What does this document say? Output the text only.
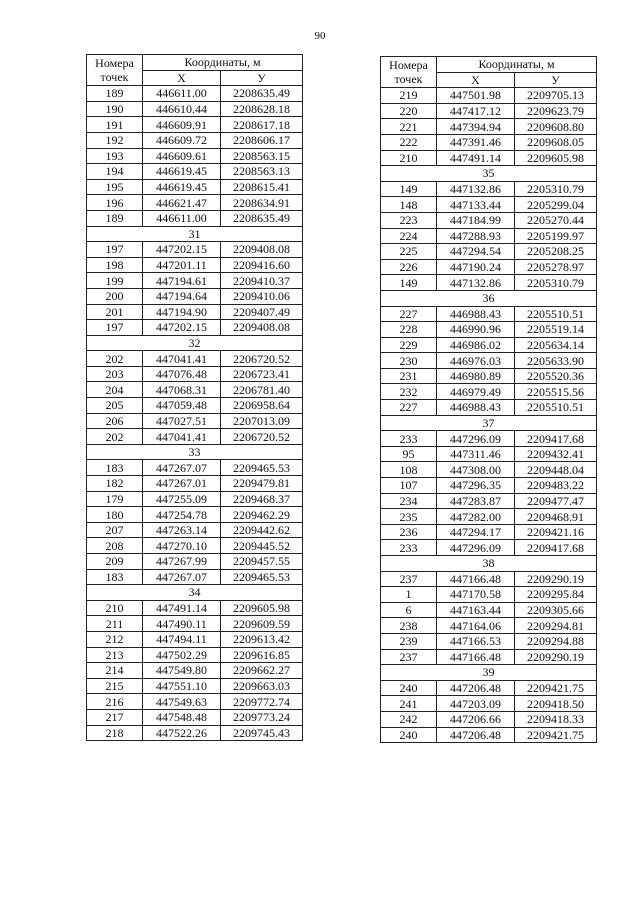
90
Номера
точек	Координаты, м	
	X	У
189	446611.00	2208635.49
190	446610.44	2208628.18
191	446609.91	2208617.18
192	446609.72	2208606.17
193	446609.61	2208563.15
194	446619.45	2208563.13
195	446619.45	2208615.41
196	446621.47	2208634.91
189	446611.00	2208635.49
31		
197	447202.15	2209408.08
198	447201.11	2209416.60
199	447194.61	2209410.37
200	447194.64	2209410.06
201	447194.90	2209407.49
197	447202.15	2209408.08
32		
202	447041.41	2206720.52
203	447076.48	2206723.41
204	447068.31	2206781.40
205	447059.48	2206958.64
206	447027.51	2207013.09
202	447041.41	2206720.52
33		
183	447267.07	2209465.53
182	447267.01	2209479.81
179	447255.09	2209468.37
180	447254.78	2209462.29
207	447263.14	2209442.62
208	447270.10	2209445.52
209	447267.99	2209457.55
183	447267.07	2209465.53
34		
210	447491.14	2209605.98
211	447490.11	2209609.59
212	447494.11	2209613.42
213	447502.29	2209616.85
214	447549.80	2209662.27
215	447551.10	2209663.03
216	447549.63	2209772.74
217	447548.48	2209773.24
218	447522.26	2209745.43
Номера
точек	Координаты, м	
	X	У
219	447501.98	2209705.13
220	447417.12	2209623.79
221	447394.94	2209608.80
222	447391.46	2209608.05
210	447491.14	2209605.98
35		
149	447132.86	2205310.79
148	447133.44	2205299.04
223	447184.99	2205270.44
224	447288.93	2205199.97
225	447294.54	2205208.25
226	447190.24	2205278.97
149	447132.86	2205310.79
36		
227	446988.43	2205510.51
228	446990.96	2205519.14
229	446986.02	2205634.14
230	446976.03	2205633.90
231	446980.89	2205520.36
232	446979.49	2205515.56
227	446988.43	2205510.51
37		
233	447296.09	2209417.68
95	447311.46	2209432.41
108	447308.00	2209448.04
107	447296.35	2209483.22
234	447283.87	2209477.47
235	447282.00	2209468.91
236	447294.17	2209421.16
233	447296.09	2209417.68
38		
237	447166.48	2209290.19
1	447170.58	2209295.84
6	447163.44	2209305.66
238	447164.06	2209294.81
239	447166.53	2209294.88
237	447166.48	2209290.19
39		
240	447206.48	2209421.75
241	447203.09	2209418.50
242	447206.66	2209418.33
240	447206.48	2209421.75
